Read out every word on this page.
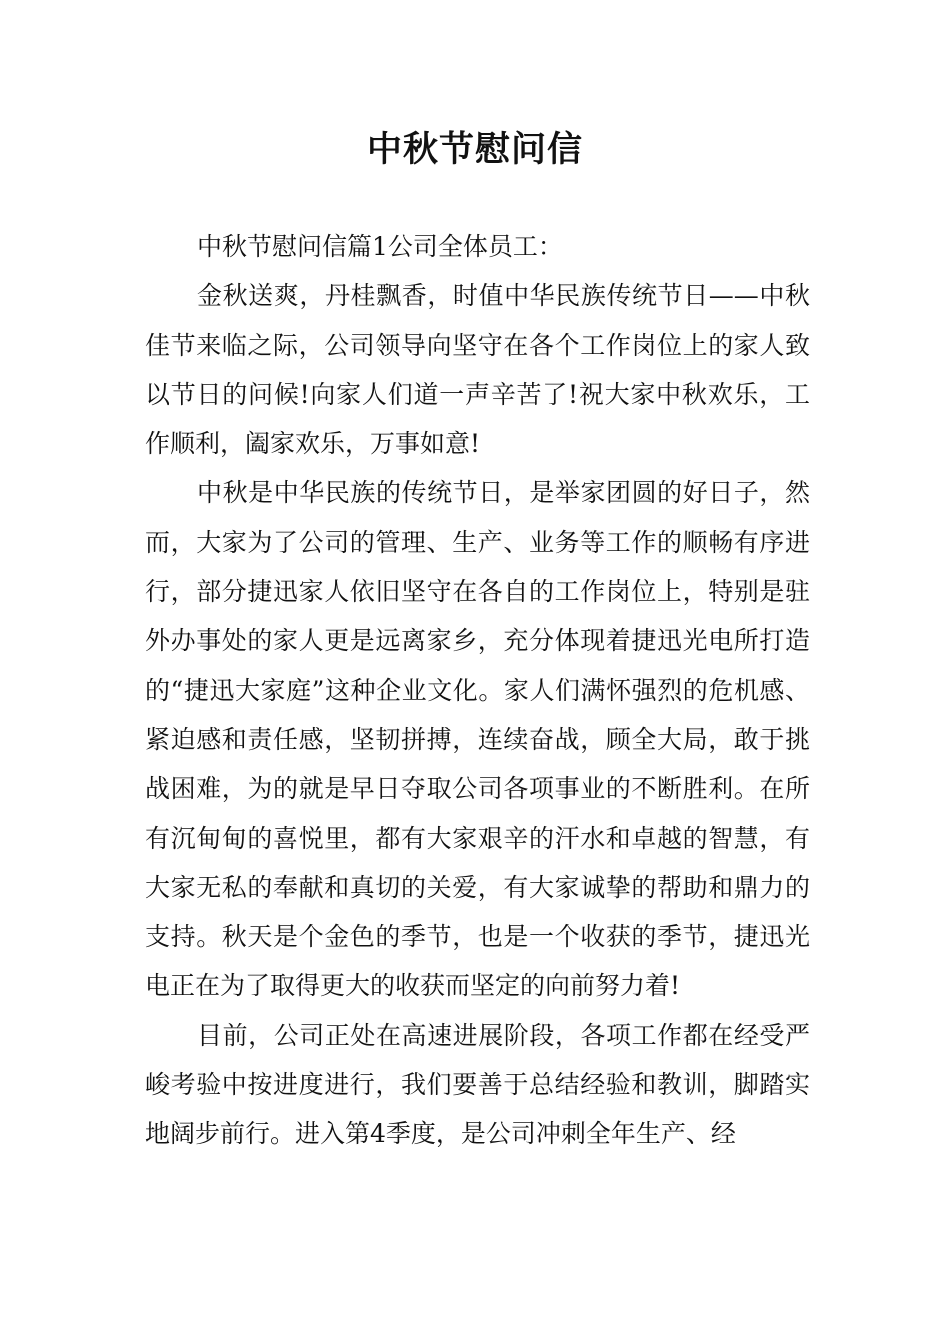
中秋节慰问信

中秋节慰问信篇1公司全体员工：

金秋送爽，丹桂飘香，时值中华民族传统节日——中秋佳节来临之际，公司领导向坚守在各个工作岗位上的家人致以节日的问候!向家人们道一声辛苦了!祝大家中秋欢乐，工作顺利，阖家欢乐，万事如意!

中秋是中华民族的传统节日，是举家团圆的好日子，然而，大家为了公司的管理、生产、业务等工作的顺畅有序进行，部分捷迅家人依旧坚守在各自的工作岗位上，特别是驻外办事处的家人更是远离家乡，充分体现着捷迅光电所打造的“捷迅大家庭”这种企业文化。家人们满怀强烈的危机感、紧迫感和责任感，坚韧拼搏，连续奋战，顾全大局，敢于挑战困难，为的就是早日夺取公司各项事业的不断胜利。在所有沉甸甸的喜悦里，都有大家艰辛的汗水和卓越的智慧，有大家无私的奉献和真切的关爱，有大家诚挚的帮助和鼎力的支持。秋天是个金色的季节，也是一个收获的季节，捷迅光电正在为了取得更大的收获而坚定的向前努力着!

目前，公司正处在高速进展阶段，各项工作都在经受严峻考验中按进度进行，我们要善于总结经验和教训，脚踏实地阔步前行。进入第4季度，是公司冲刺全年生产、经
